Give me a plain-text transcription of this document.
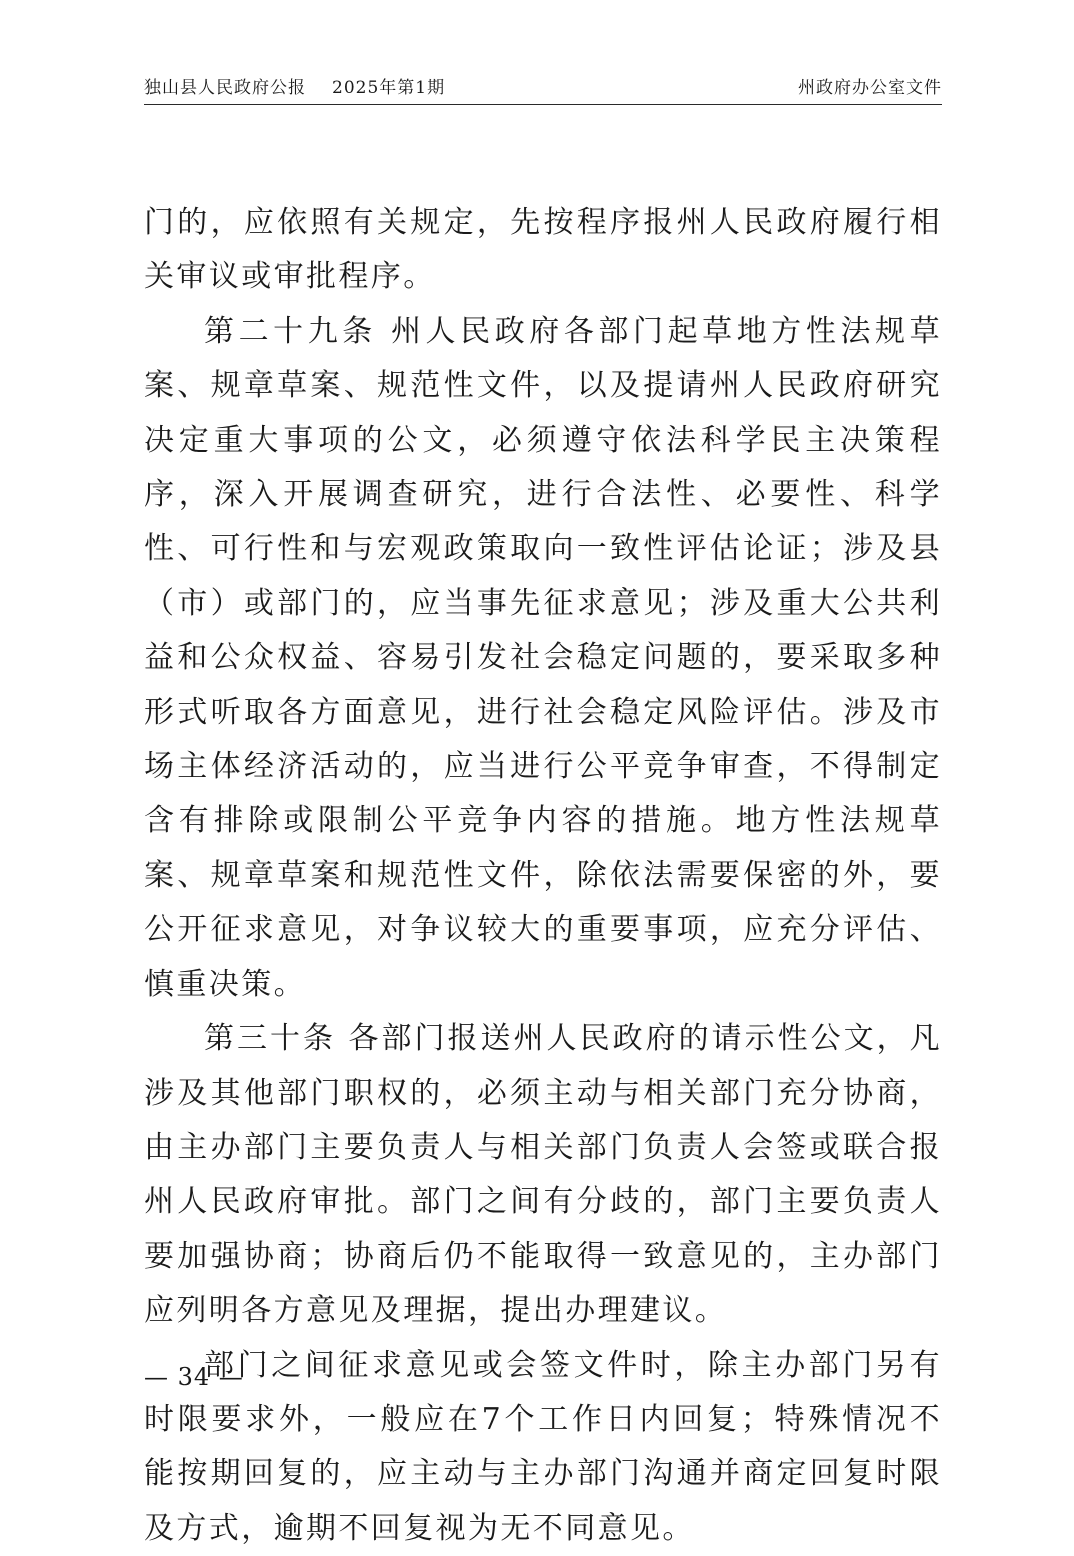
独山县人民政府公报 2025年第1期	州政府办公室文件

门的，应依照有关规定，先按程序报州人民政府履行相关审议或审批程序。

第二十九条 州人民政府各部门起草地方性法规草案、规章草案、规范性文件，以及提请州人民政府研究决定重大事项的公文，必须遵守依法科学民主决策程序，深入开展调查研究，进行合法性、必要性、科学性、可行性和与宏观政策取向一致性评估论证；涉及县（市）或部门的，应当事先征求意见；涉及重大公共利益和公众权益、容易引发社会稳定问题的，要采取多种形式听取各方面意见，进行社会稳定风险评估。涉及市场主体经济活动的，应当进行公平竞争审查，不得制定含有排除或限制公平竞争内容的措施。地方性法规草案、规章草案和规范性文件，除依法需要保密的外，要公开征求意见，对争议较大的重要事项，应充分评估、慎重决策。

第三十条 各部门报送州人民政府的请示性公文，凡涉及其他部门职权的，必须主动与相关部门充分协商，由主办部门主要负责人与相关部门负责人会签或联合报州人民政府审批。部门之间有分歧的，部门主要负责人要加强协商；协商后仍不能取得一致意见的，主办部门应列明各方意见及理据，提出办理建议。

部门之间征求意见或会签文件时，除主办部门另有时限要求外，一般应在7个工作日内回复；特殊情况不能按期回复的，应主动与主办部门沟通并商定回复时限及方式，逾期不回复视为无不同意见。

— 34 —
